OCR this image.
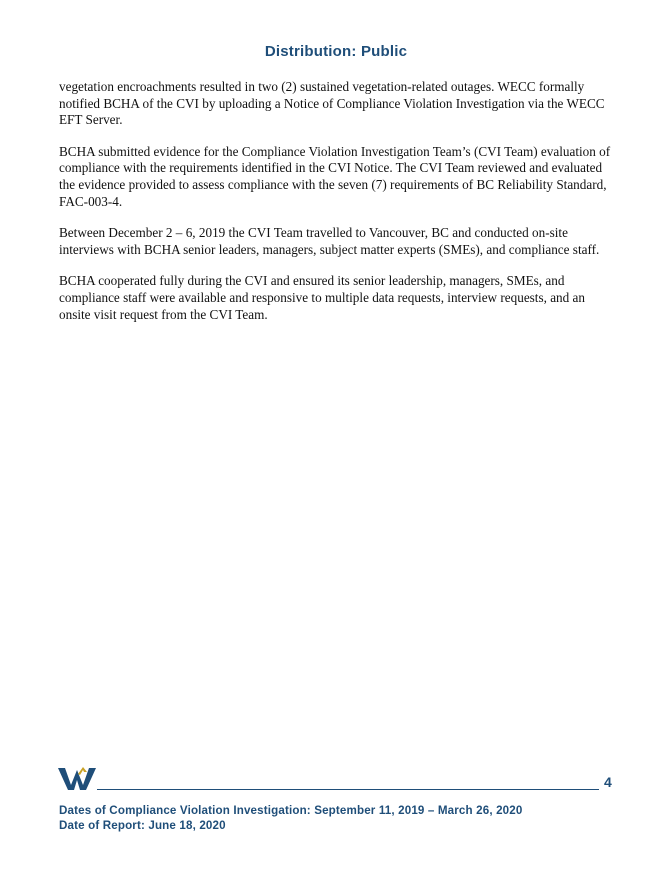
Distribution: Public

vegetation encroachments resulted in two (2) sustained vegetation-related outages. WECC formally notified BCHA of the CVI by uploading a Notice of Compliance Violation Investigation via the WECC EFT Server.

BCHA submitted evidence for the Compliance Violation Investigation Team’s (CVI Team) evaluation of compliance with the requirements identified in the CVI Notice. The CVI Team reviewed and evaluated the evidence provided to assess compliance with the seven (7) requirements of BC Reliability Standard, FAC-003-4.

Between December 2 – 6, 2019 the CVI Team travelled to Vancouver, BC and conducted on-site interviews with BCHA senior leaders, managers, subject matter experts (SMEs), and compliance staff.

BCHA cooperated fully during the CVI and ensured its senior leadership, managers, SMEs, and compliance staff were available and responsive to multiple data requests, interview requests, and an onsite visit request from the CVI Team.

4
Dates of Compliance Violation Investigation: September 11, 2019 – March 26, 2020
Date of Report: June 18, 2020
